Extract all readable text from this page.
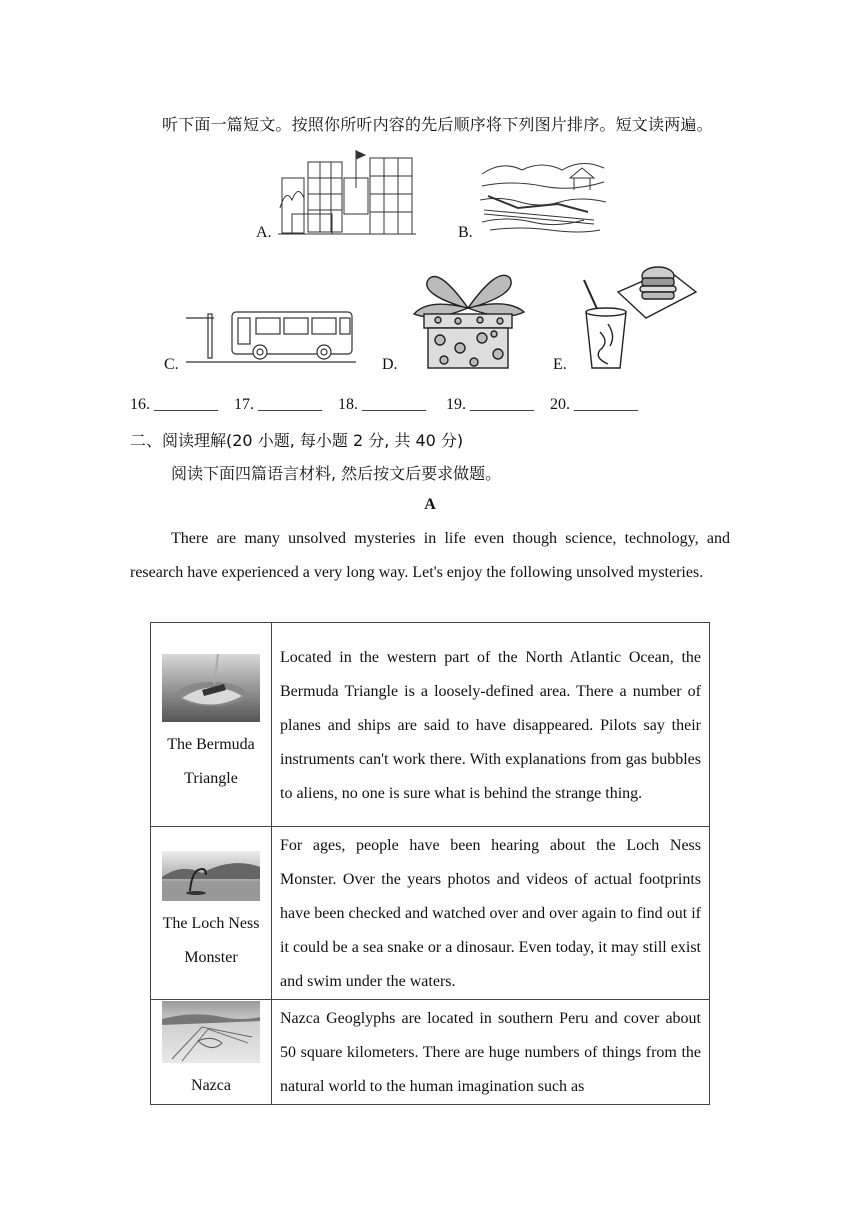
听下面一篇短文。按照你所听内容的先后顺序将下列图片排序。短文读两遍。
A.	B.
C.	D.	E.
16. ________    17. ________    18. ________     19. ________    20. ________
二、阅读理解(20 小题, 每小题 2 分, 共 40 分)
阅读下面四篇语言材料, 然后按文后要求做题。
A

There are many unsolved mysteries in life even though science, technology, and research have experienced a very long way. Let's enjoy the following unsolved mysteries.

The Bermuda Triangle	Located in the western part of the North Atlantic Ocean, the Bermuda Triangle is a loosely-defined area. There a number of planes and ships are said to have disappeared. Pilots say their instruments can't work there. With explanations from gas bubbles to aliens, no one is sure what is behind the strange thing.

The Loch Ness Monster	For ages, people have been hearing about the Loch Ness Monster. Over the years photos and videos of actual footprints have been checked and watched over and over again to find out if it could be a sea snake or a dinosaur. Even today, it may still exist and swim under the waters.

Nazca	Nazca Geoglyphs are located in southern Peru and cover about 50 square kilometers. There are huge numbers of things from the natural world to the human imagination such as
